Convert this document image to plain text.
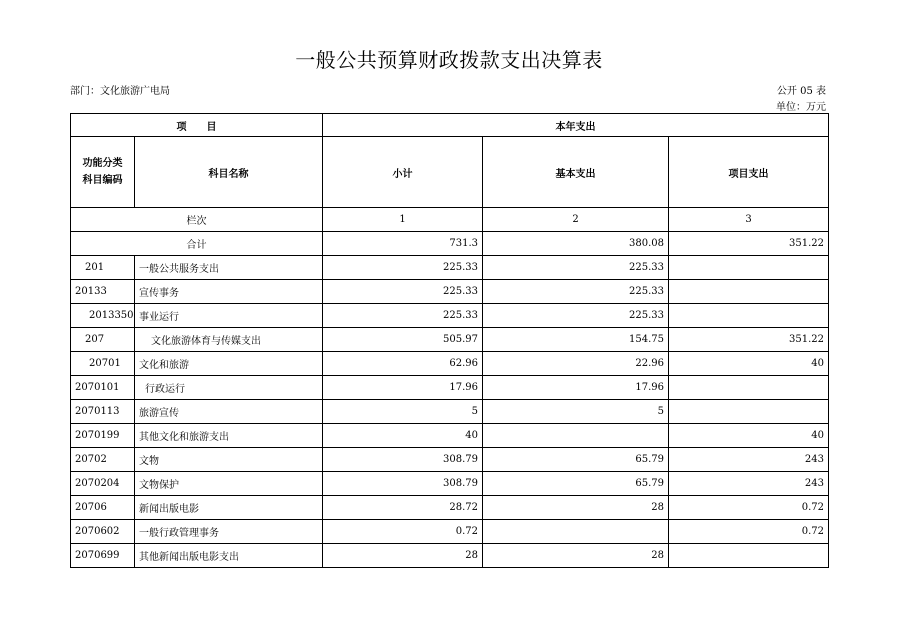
一般公共预算财政拨款支出决算表
部门：文化旅游广电局	公开 05 表
单位：万元
项　　目		本年支出		

功能分类
科目编码	科目名称	小计	基本支出	项目支出
栏次		1	2	3
合计		731.3	380.08	351.22
201	一般公共服务支出	225.33	225.33	
20133	宣传事务	225.33	225.33	
2013350	事业运行	225.33	225.33	
207	文化旅游体育与传媒支出	505.97	154.75	351.22
20701	文化和旅游	62.96	22.96	40
2070101	行政运行	17.96	17.96	
2070113	旅游宣传	5	5	
2070199	其他文化和旅游支出	40		40
20702	文物	308.79	65.79	243
2070204	文物保护	308.79	65.79	243
20706	新闻出版电影	28.72	28	0.72
2070602	一般行政管理事务	0.72		0.72
2070699	其他新闻出版电影支出	28	28	
